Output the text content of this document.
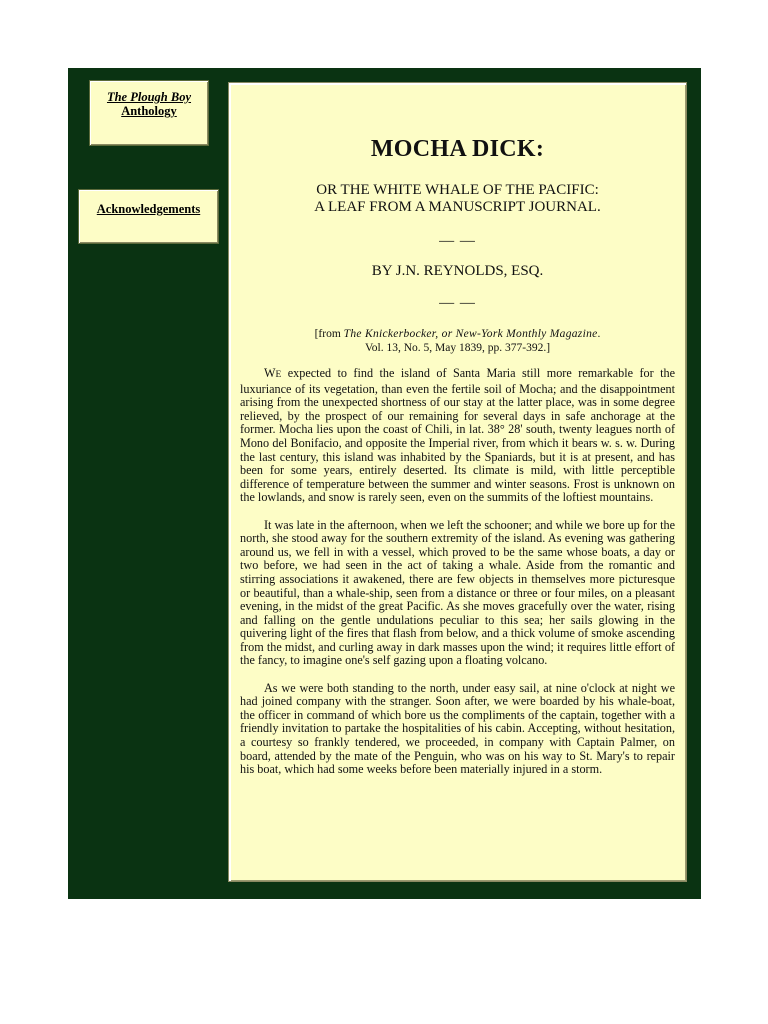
The Plough Boy
Anthology
Acknowledgements
MOCHA DICK:
OR THE WHITE WHALE OF THE PACIFIC:
A LEAF FROM A MANUSCRIPT JOURNAL.
— —
BY J.N. REYNOLDS, ESQ.
— —
[from The Knickerbocker, or New-York Monthly Magazine.
Vol. 13, No. 5, May 1839, pp. 377-392.]

WE expected to find the island of Santa Maria still more remarkable for the luxuriance of its vegetation, than even the fertile soil of Mocha; and the disappointment arising from the unexpected shortness of our stay at the latter place, was in some degree relieved, by the prospect of our remaining for several days in safe anchorage at the former. Mocha lies upon the coast of Chili, in lat. 38° 28' south, twenty leagues north of Mono del Bonifacio, and opposite the Imperial river, from which it bears w. s. w. During the last century, this island was inhabited by the Spaniards, but it is at present, and has been for some years, entirely deserted. Its climate is mild, with little perceptible difference of temperature between the summer and winter seasons. Frost is unknown on the lowlands, and snow is rarely seen, even on the summits of the loftiest mountains.

It was late in the afternoon, when we left the schooner; and while we bore up for the north, she stood away for the southern extremity of the island. As evening was gathering around us, we fell in with a vessel, which proved to be the same whose boats, a day or two before, we had seen in the act of taking a whale. Aside from the romantic and stirring associations it awakened, there are few objects in themselves more picturesque or beautiful, than a whale-ship, seen from a distance or three or four miles, on a pleasant evening, in the midst of the great Pacific. As she moves gracefully over the water, rising and falling on the gentle undulations peculiar to this sea; her sails glowing in the quivering light of the fires that flash from below, and a thick volume of smoke ascending from the midst, and curling away in dark masses upon the wind; it requires little effort of the fancy, to imagine one's self gazing upon a floating volcano.

As we were both standing to the north, under easy sail, at nine o'clock at night we had joined company with the stranger. Soon after, we were boarded by his whale-boat, the officer in command of which bore us the compliments of the captain, together with a friendly invitation to partake the hospitalities of his cabin. Accepting, without hesitation, a courtesy so frankly tendered, we proceeded, in company with Captain Palmer, on board, attended by the mate of the Penguin, who was on his way to St. Mary's to repair his boat, which had some weeks before been materially injured in a storm.
